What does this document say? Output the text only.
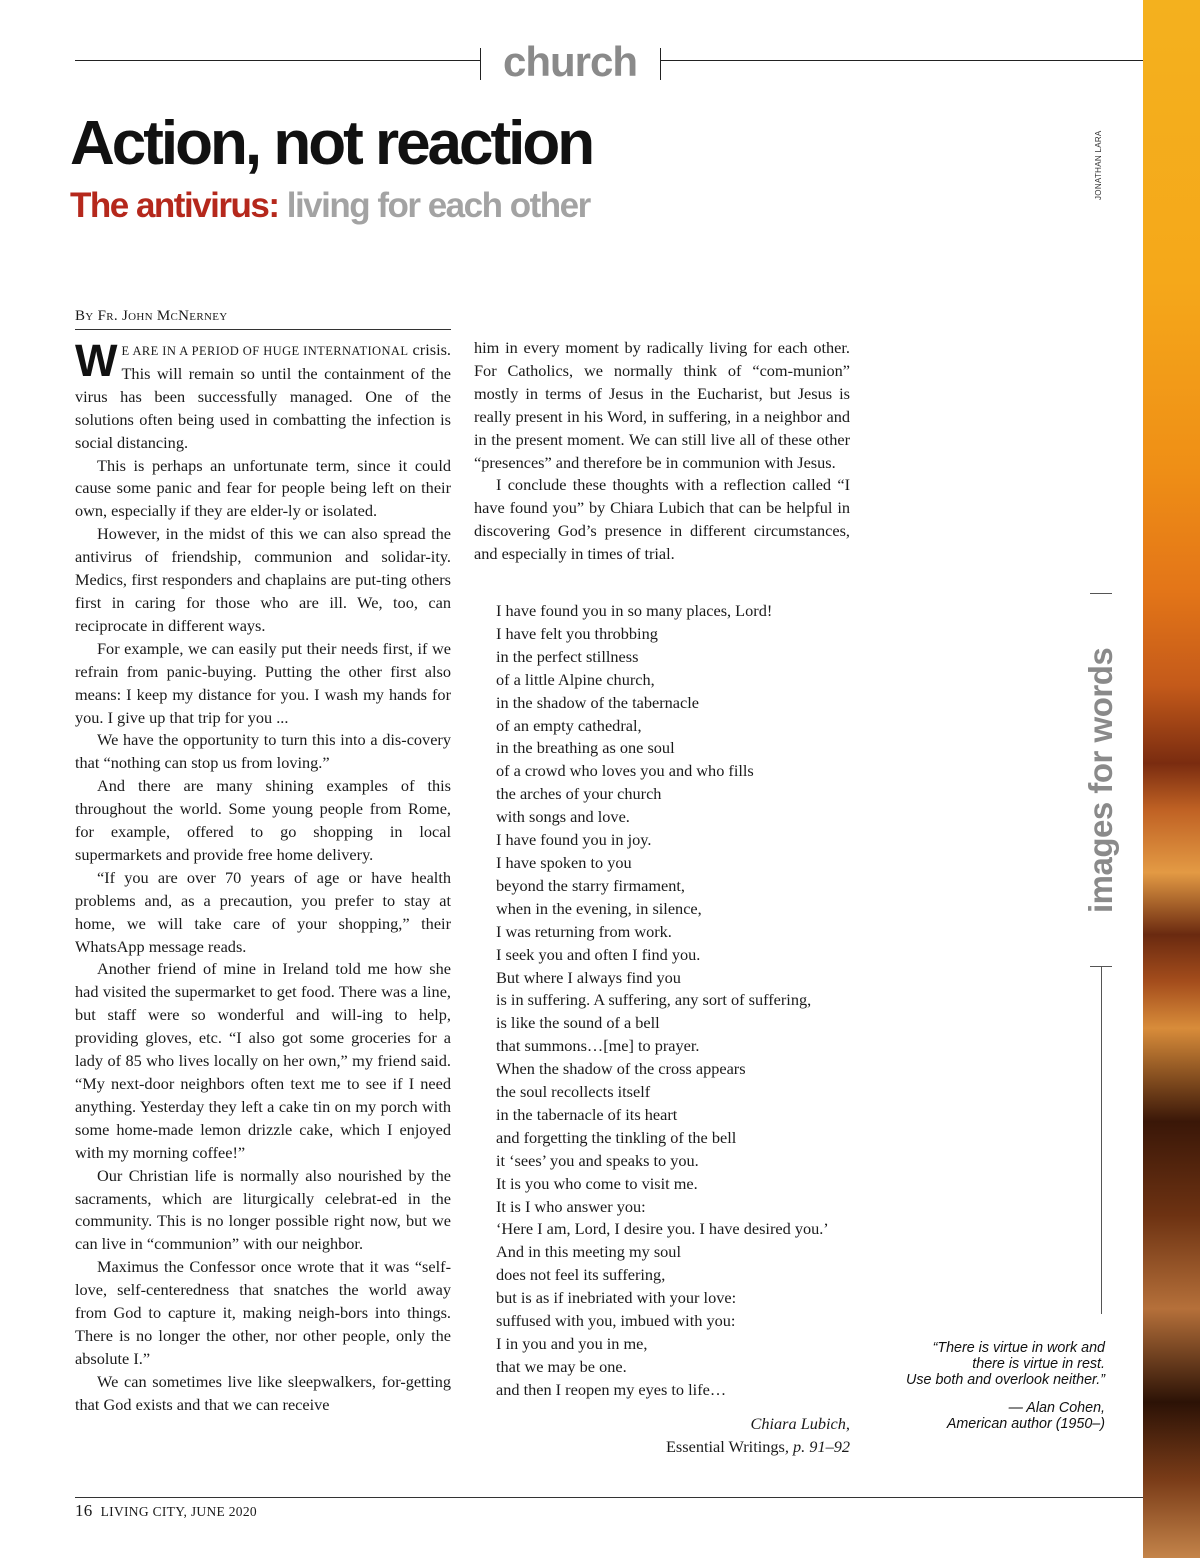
church
Action, not reaction
The antivirus: living for each other
JONATHAN LARA
By Fr. John McNerney

WE ARE IN A PERIOD OF HUGE INTERNATIONAL crisis. This will remain so until the containment of the virus has been successfully managed. One of the solutions often being used in combatting the infection is social distancing.

This is perhaps an unfortunate term, since it could cause some panic and fear for people being left on their own, especially if they are elder-ly or isolated.

However, in the midst of this we can also spread the antivirus of friendship, communion and solidar-ity. Medics, first responders and chaplains are put-ting others first in caring for those who are ill. We, too, can reciprocate in different ways.

For example, we can easily put their needs first, if we refrain from panic-buying. Putting the other first also means: I keep my distance for you. I wash my hands for you. I give up that trip for you ...

We have the opportunity to turn this into a dis-covery that “nothing can stop us from loving.”

And there are many shining examples of this throughout the world. Some young people from Rome, for example, offered to go shopping in local supermarkets and provide free home delivery.

“If you are over 70 years of age or have health problems and, as a precaution, you prefer to stay at home, we will take care of your shopping,” their WhatsApp message reads.

Another friend of mine in Ireland told me how she had visited the supermarket to get food. There was a line, but staff were so wonderful and will-ing to help, providing gloves, etc. “I also got some groceries for a lady of 85 who lives locally on her own,” my friend said. “My next-door neighbors often text me to see if I need anything. Yesterday they left a cake tin on my porch with some home-made lemon drizzle cake, which I enjoyed with my morning coffee!”

Our Christian life is normally also nourished by the sacraments, which are liturgically celebrat-ed in the community. This is no longer possible right now, but we can live in “communion” with our neighbor.

Maximus the Confessor once wrote that it was “self-love, self-centeredness that snatches the world away from God to capture it, making neigh-bors into things. There is no longer the other, nor other people, only the absolute I.”

We can sometimes live like sleepwalkers, for-getting that God exists and that we can receive

him in every moment by radically living for each other. For Catholics, we normally think of “com-munion” mostly in terms of Jesus in the Eucharist, but Jesus is really present in his Word, in suffering, in a neighbor and in the present moment. We can still live all of these other “presences” and therefore be in communion with Jesus.

I conclude these thoughts with a reflection called “I have found you” by Chiara Lubich that can be helpful in discovering God’s presence in different circumstances, and especially in times of trial.

I have found you in so many places, Lord!
I have felt you throbbing
in the perfect stillness
of a little Alpine church,
in the shadow of the tabernacle
of an empty cathedral,
in the breathing as one soul
of a crowd who loves you and who fills
the arches of your church
with songs and love.
I have found you in joy.
I have spoken to you
beyond the starry firmament,
when in the evening, in silence,
I was returning from work.
I seek you and often I find you.
But where I always find you
is in suffering. A suffering, any sort of suffering,
is like the sound of a bell
that summons…[me] to prayer.
When the shadow of the cross appears
the soul recollects itself
in the tabernacle of its heart
and forgetting the tinkling of the bell
it ‘sees’ you and speaks to you.
It is you who come to visit me.
It is I who answer you:
‘Here I am, Lord, I desire you. I have desired you.’
And in this meeting my soul
does not feel its suffering,
but is as if inebriated with your love:
suffused with you, imbued with you:
I in you and you in me,
that we may be one.
and then I reopen my eyes to life…
Chiara Lubich,
Essential Writings, p. 91–92
images for words
“There is virtue in work and
there is virtue in rest.
Use both and overlook neither.”
— Alan Cohen,
American author (1950–)
16 LIVING CITY, JUNE 2020
